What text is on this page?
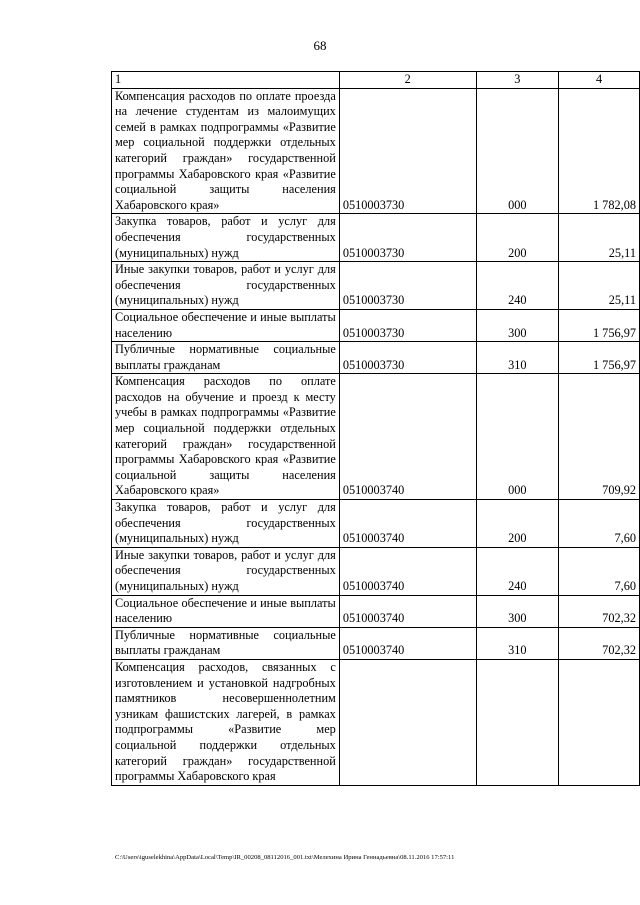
68
1	2	3	4
Компенсация расходов по оплате проезда на лечение студентам из малоимущих семей в рамках подпрограммы «Развитие мер социальной поддержки отдельных категорий граждан» государственной программы Хабаровского края «Развитие социальной защиты населения Хабаровского края»	0510003730	000	1 782,08
Закупка товаров, работ и услуг для обеспечения государственных (муниципальных) нужд	0510003730	200	25,11
Иные закупки товаров, работ и услуг для обеспечения государственных (муниципальных) нужд	0510003730	240	25,11
Социальное обеспечение и иные выплаты населению	0510003730	300	1 756,97
Публичные нормативные социальные выплаты гражданам	0510003730	310	1 756,97
Компенсация расходов по оплате расходов на обучение и проезд к месту учебы в рамках подпрограммы «Развитие мер социальной поддержки отдельных категорий граждан» государственной программы Хабаровского края «Развитие социальной защиты населения Хабаровского края»	0510003740	000	709,92
Закупка товаров, работ и услуг для обеспечения государственных (муниципальных) нужд	0510003740	200	7,60
Иные закупки товаров, работ и услуг для обеспечения государственных (муниципальных) нужд	0510003740	240	7,60
Социальное обеспечение и иные выплаты населению	0510003740	300	702,32
Публичные нормативные социальные выплаты гражданам	0510003740	310	702,32
Компенсация расходов, связанных с изготовлением и установкой надгробных памятников несовершеннолетним узникам фашистских лагерей, в рамках подпрограммы «Развитие мер социальной поддержки отдельных категорий граждан» государственной программы Хабаровского края			
C:\Users\iguselekhina\AppData\Local\Temp\IR_00208_08112016_001.txt\Мелехина Ирина Геннадьевна\08.11.2016 17:57:11
